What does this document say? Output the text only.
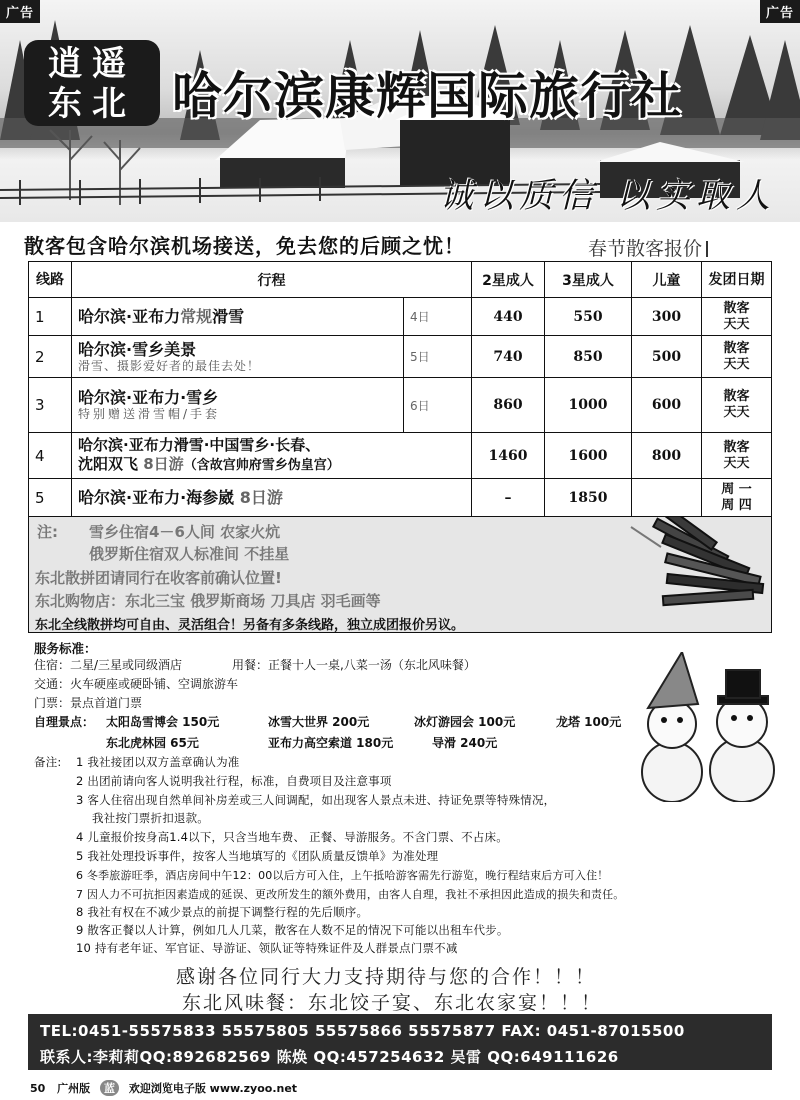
广告	广告
逍遥
东北 哈尔滨康辉国际旅行社
诚以质信 以实取人
散客包含哈尔滨机场接送，免去您的后顾之忧！	春节散客报价
线路	行程		2星成人	3星成人	儿童	发团日期
1	哈尔滨·亚布力常规滑雪	4日	440	550	300	散客
天天
2	哈尔滨·雪乡美景
滑雪、摄影爱好者的最佳去处！	5日	740	850	500	散客
天天
3	哈尔滨·亚布力·雪乡
特别赠送滑雪帽/手套	6日	860	1000	600	散客
天天
4	哈尔滨·亚布力滑雪·中国雪乡·长春、
沈阳双飞 8日游（含故宫帅府雪乡伪皇宫）		1460	1600	800	散客
天天
5	哈尔滨·亚布力·海参崴 8日游		–	1850		周 一
周 四

注: 雪乡住宿4－6人间 农家火炕

俄罗斯住宿双人标准间 不挂星

东北散拼团请同行在收客前确认位置!

东北购物店：东北三宝 俄罗斯商场 刀具店 羽毛画等

东北全线散拼均可自由、灵活组合！另备有多条线路，独立成团报价另议。

服务标准：
住宿：二星/三星或同级酒店	用餐：正餐十人一桌,八菜一汤（东北风味餐）
交通：火车硬座或硬卧铺、空调旅游车
门票：景点首道门票
自理景点： 太阳岛雪博会 150元	冰雪大世界 200元	冰灯游园会 100元	龙塔 100元
东北虎林园 65元	亚布力高空索道 180元	导滑 240元
备注: 1 我社接团以双方盖章确认为准
2 出团前请向客人说明我社行程，标准，自费项目及注意事项
3 客人住宿出现自然单间补房差或三人间调配，如出现客人景点未进、持证免票等特殊情况，
我社按门票折扣退款。
4 儿童报价按身高1.4以下，只含当地车费、 正餐、导游服务。不含门票、不占床。
5 我社处理投诉事件，按客人当地填写的《团队质量反馈单》为准处理
6 冬季旅游旺季，酒店房间中午12：00以后方可入住，上午抵哈游客需先行游览，晚行程结束后方可入住！
7 因人力不可抗拒因素造成的延误、更改所发生的额外费用，由客人自理，我社不承担因此造成的损失和责任。
8 我社有权在不减少景点的前提下调整行程的先后顺序。
9 散客正餐以人计算，例如几人几菜，散客在人数不足的情况下可能以出租车代步。
10 持有老年证、军官证、导游证、领队证等特殊证件及人群景点门票不减
感谢各位同行大力支持期待与您的合作！！！
东北风味餐：东北饺子宴、东北农家宴！！！
TEL:0451-55575833 55575805 55575866 55575877 FAX: 0451-87015500
联系人:李莉莉QQ:892682569 陈焕 QQ:457254632 吴雷 QQ:649111626
50 广州版 蓝 欢迎浏览电子版 www.zyoo.net
